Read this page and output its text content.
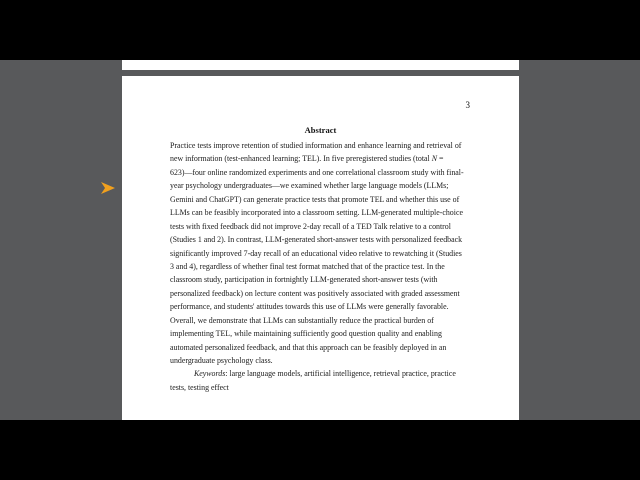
3
Abstract
Practice tests improve retention of studied information and enhance learning and retrieval of
new information (test-enhanced learning; TEL). In five preregistered studies (total N =
623)—four online randomized experiments and one correlational classroom study with final-
year psychology undergraduates—we examined whether large language models (LLMs;
Gemini and ChatGPT) can generate practice tests that promote TEL and whether this use of
LLMs can be feasibly incorporated into a classroom setting. LLM-generated multiple-choice
tests with fixed feedback did not improve 2-day recall of a TED Talk relative to a control
(Studies 1 and 2). In contrast, LLM-generated short-answer tests with personalized feedback
significantly improved 7-day recall of an educational video relative to rewatching it (Studies
3 and 4), regardless of whether final test format matched that of the practice test. In the
classroom study, participation in fortnightly LLM-generated short-answer tests (with
personalized feedback) on lecture content was positively associated with graded assessment
performance, and students' attitudes towards this use of LLMs were generally favorable.
Overall, we demonstrate that LLMs can substantially reduce the practical burden of
implementing TEL, while maintaining sufficiently good question quality and enabling
automated personalized feedback, and that this approach can be feasibly deployed in an
undergraduate psychology class.
Keywords: large language models, artificial intelligence, retrieval practice, practice
tests, testing effect
